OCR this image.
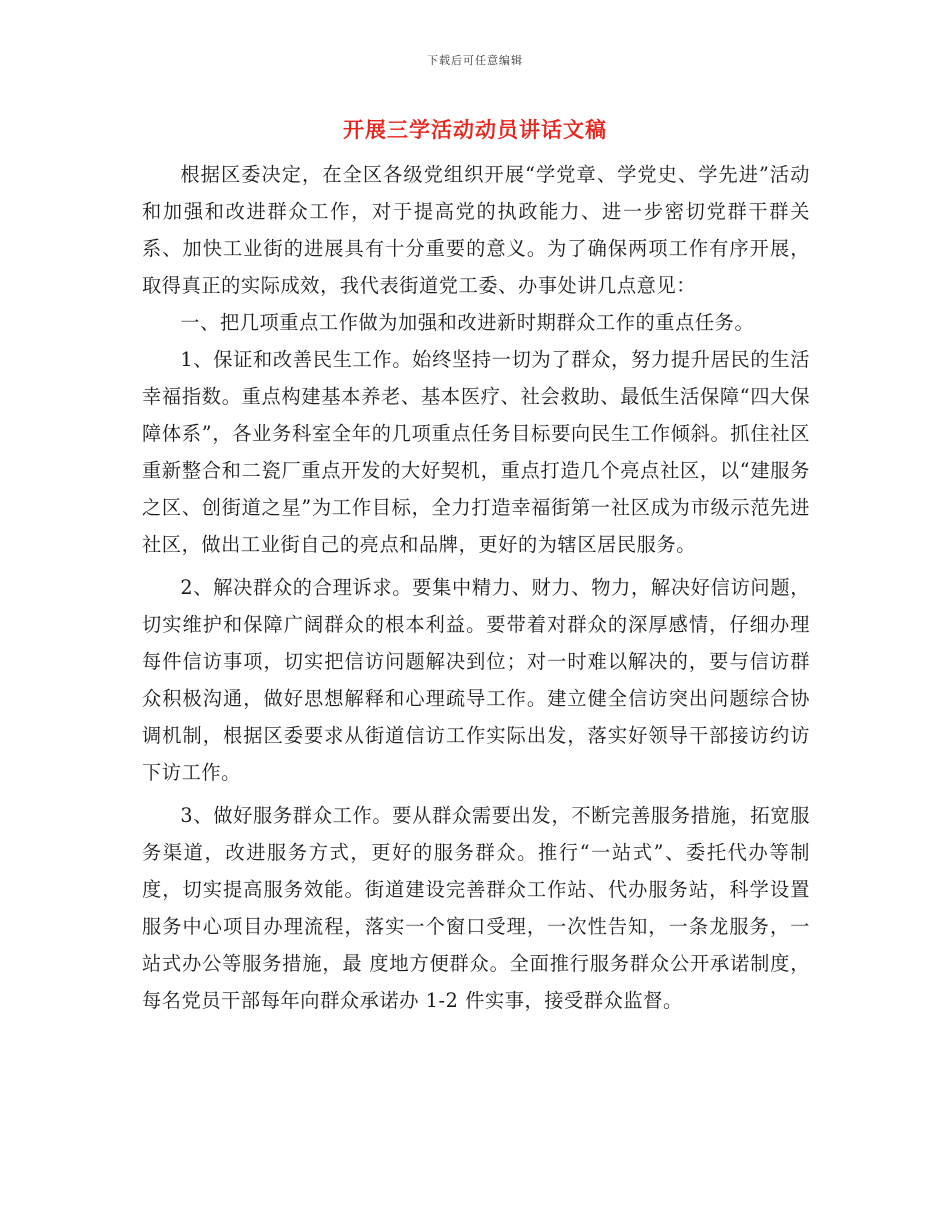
下载后可任意编辑
开展三学活动动员讲话文稿

根据区委决定，在全区各级党组织开展“学党章、学党史、学先进”活动和加强和改进群众工作，对于提高党的执政能力、进一步密切党群干群关系、加快工业街的进展具有十分重要的意义。为了确保两项工作有序开展，取得真正的实际成效，我代表街道党工委、办事处讲几点意见：

一、把几项重点工作做为加强和改进新时期群众工作的重点任务。

1、保证和改善民生工作。始终坚持一切为了群众，努力提升居民的生活幸福指数。重点构建基本养老、基本医疗、社会救助、最低生活保障“四大保障体系”，各业务科室全年的几项重点任务目标要向民生工作倾斜。抓住社区重新整合和二瓷厂重点开发的大好契机，重点打造几个亮点社区，以“建服务之区、创街道之星”为工作目标，全力打造幸福街第一社区成为市级示范先进社区，做出工业街自己的亮点和品牌，更好的为辖区居民服务。

2、解决群众的合理诉求。要集中精力、财力、物力，解决好信访问题，切实维护和保障广阔群众的根本利益。要带着对群众的深厚感情，仔细办理每件信访事项，切实把信访问题解决到位；对一时难以解决的，要与信访群众积极沟通，做好思想解释和心理疏导工作。建立健全信访突出问题综合协调机制，根据区委要求从街道信访工作实际出发，落实好领导干部接访约访下访工作。

3、做好服务群众工作。要从群众需要出发，不断完善服务措施，拓宽服务渠道，改进服务方式，更好的服务群众。推行“一站式”、委托代办等制度，切实提高服务效能。街道建设完善群众工作站、代办服务站，科学设置服务中心项目办理流程，落实一个窗口受理，一次性告知，一条龙服务，一站式办公等服务措施，最 度地方便群众。全面推行服务群众公开承诺制度，每名党员干部每年向群众承诺办 1-2 件实事，接受群众监督。
